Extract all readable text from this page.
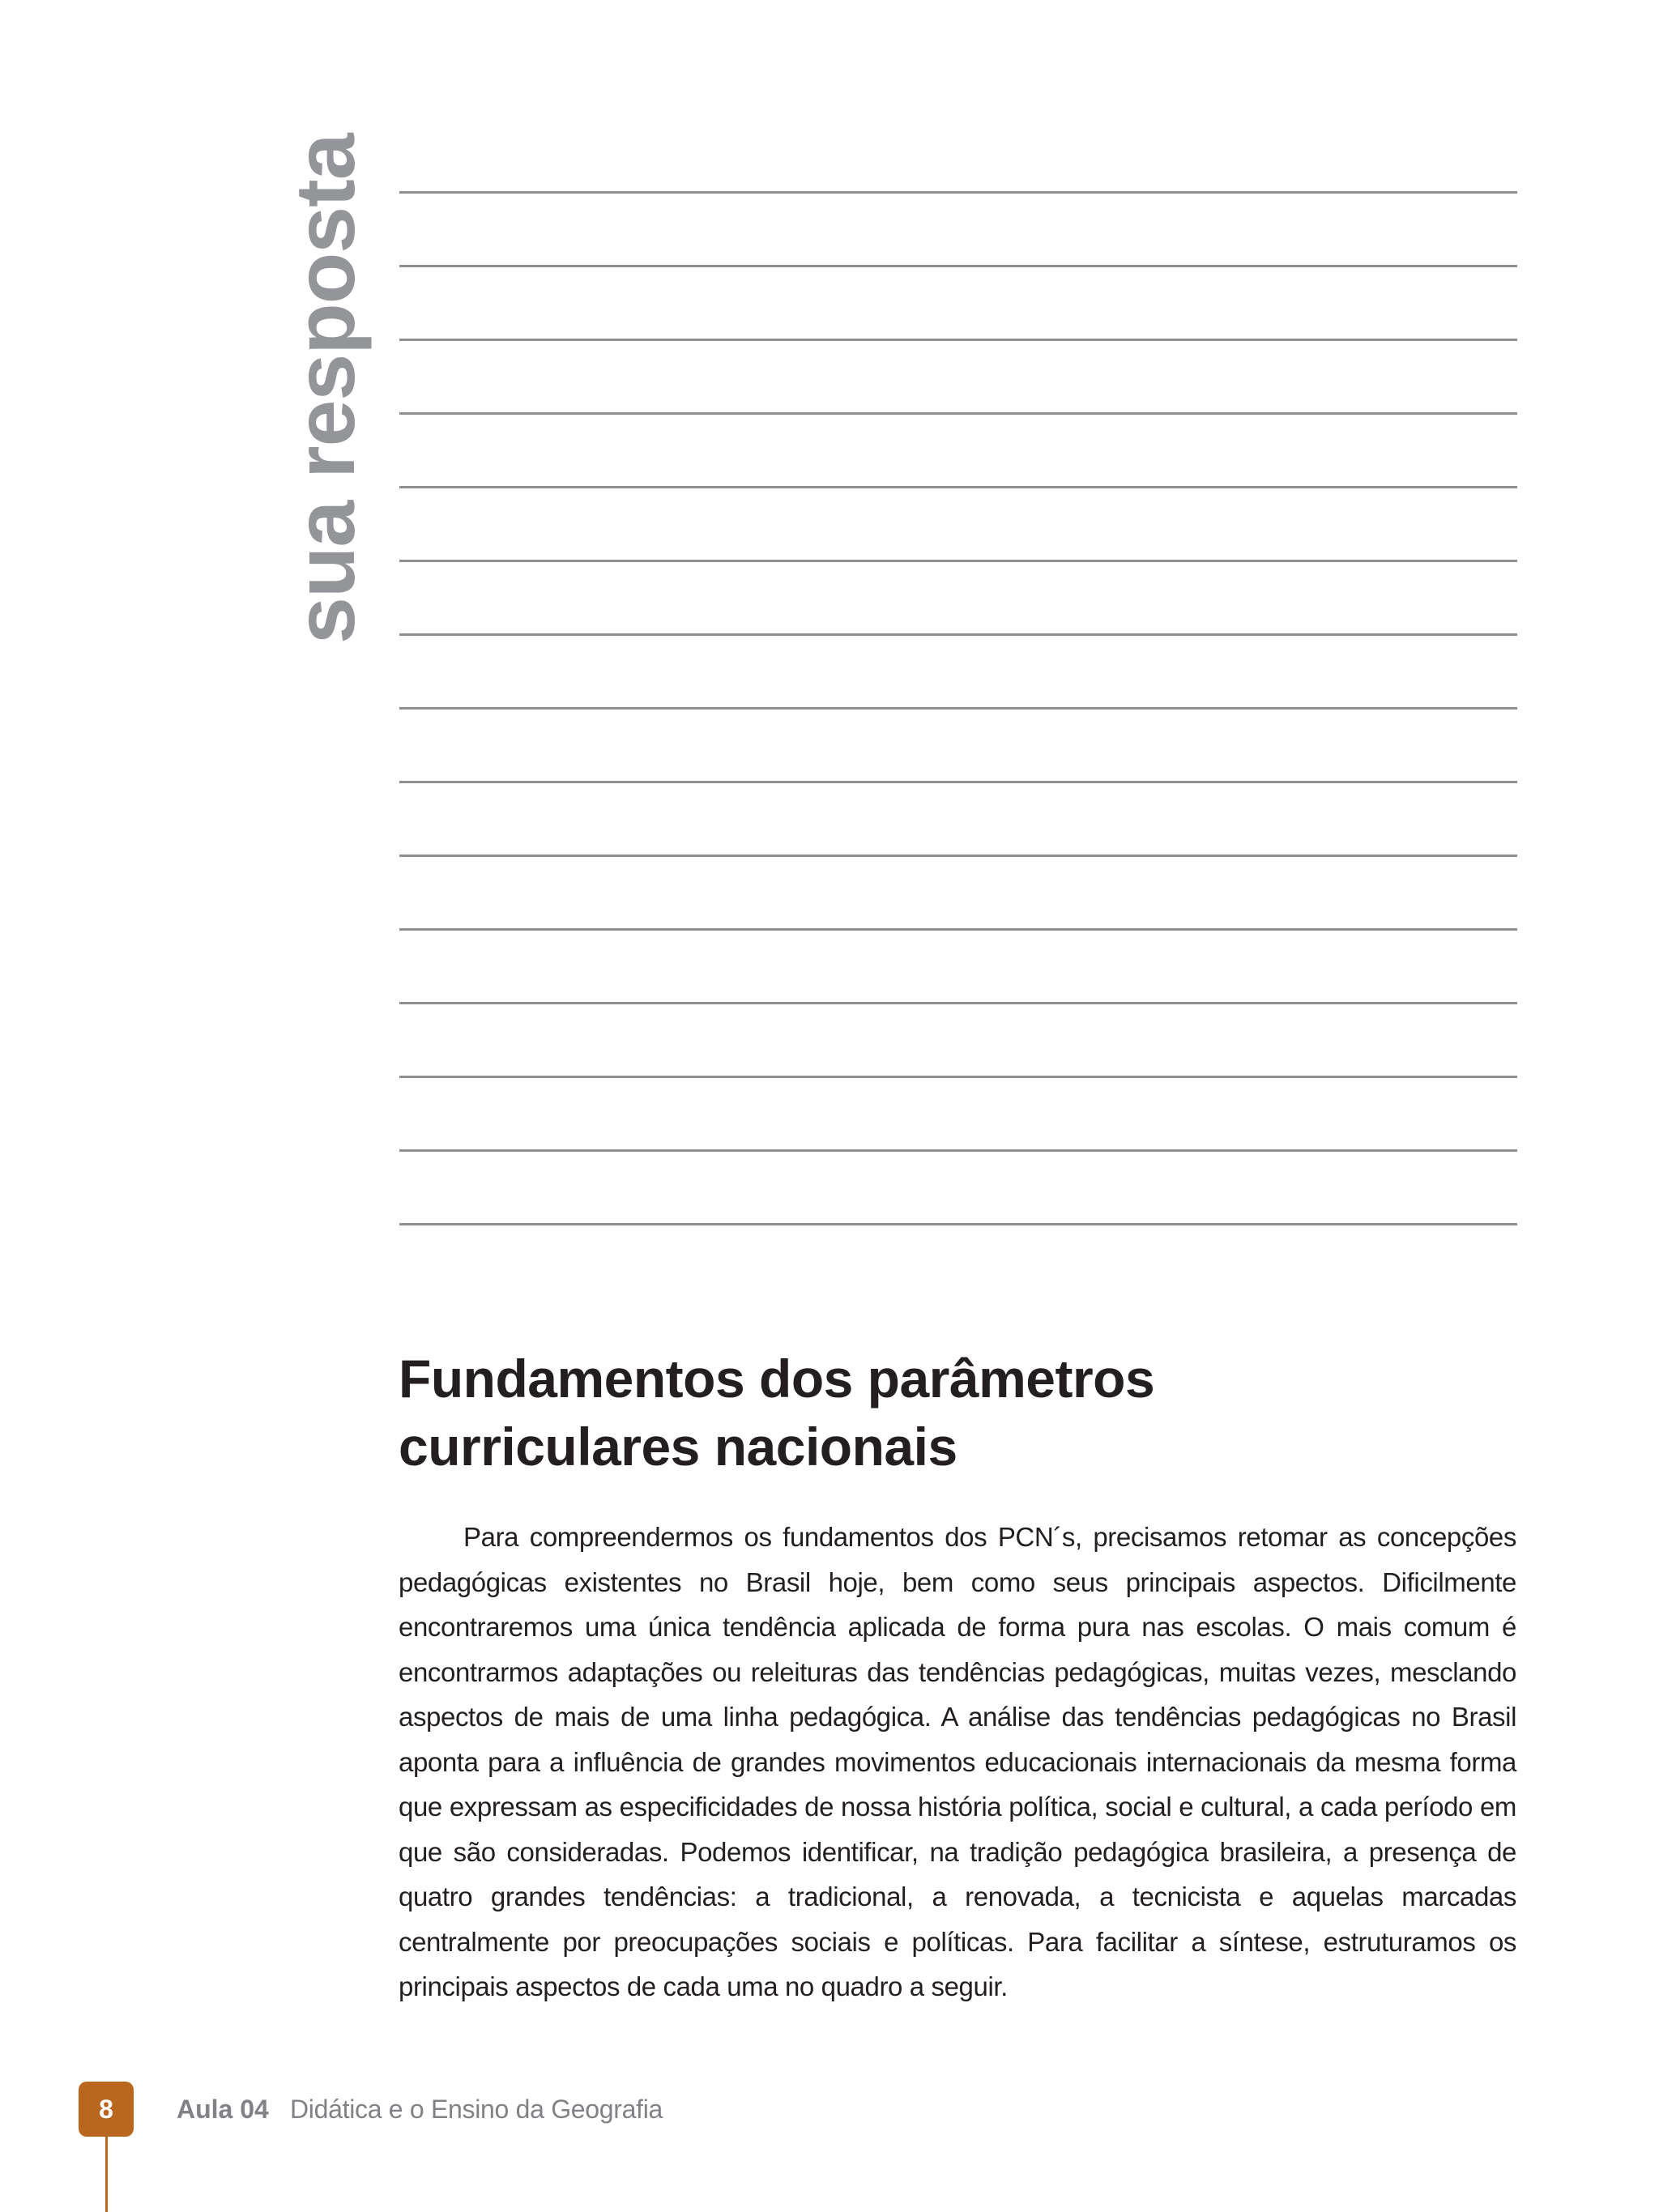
sua resposta
Fundamentos dos parâmetros
curriculares nacionais

Para compreendermos os fundamentos dos PCN´s, precisamos retomar as concepções pedagógicas existentes no Brasil hoje, bem como seus principais aspectos. Dificilmente encontraremos uma única tendência aplicada de forma pura nas escolas. O mais comum é encontrarmos adaptações ou releituras das tendências pedagógicas, muitas vezes, mesclando aspectos de mais de uma linha pedagógica. A análise das tendências pedagógicas no Brasil aponta para a influência de grandes movimentos educacionais internacionais da mesma forma que expressam as especificidades de nossa história política, social e cultural, a cada período em que são consideradas. Podemos identificar, na tradição pedagógica brasileira, a presença de quatro grandes tendências: a tradicional, a renovada, a tecnicista e aquelas marcadas centralmente por preocupações sociais e políticas. Para facilitar a síntese, estruturamos os principais aspectos de cada uma no quadro a seguir.

8	Aula 04 Didática e o Ensino da Geografia
